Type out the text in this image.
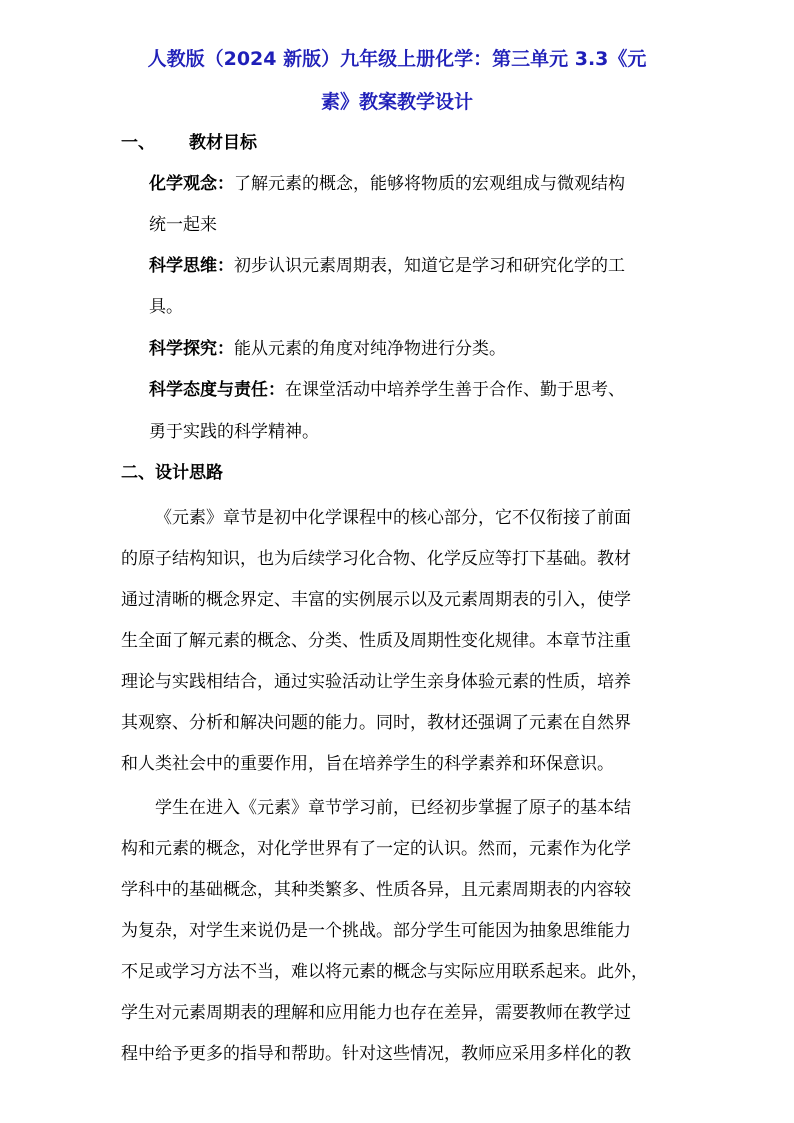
人教版（2024 新版）九年级上册化学：第三单元 3.3《元
素》教案教学设计
一、 教材目标
化学观念：了解元素的概念，能够将物质的宏观组成与微观结构
统一起来
科学思维：初步认识元素周期表，知道它是学习和研究化学的工
具。
科学探究：能从元素的角度对纯净物进行分类。
科学态度与责任：在课堂活动中培养学生善于合作、勤于思考、
勇于实践的科学精神。
二、设计思路
《元素》章节是初中化学课程中的核心部分，它不仅衔接了前面
的原子结构知识，也为后续学习化合物、化学反应等打下基础。教材
通过清晰的概念界定、丰富的实例展示以及元素周期表的引入，使学
生全面了解元素的概念、分类、性质及周期性变化规律。本章节注重
理论与实践相结合，通过实验活动让学生亲身体验元素的性质，培养
其观察、分析和解决问题的能力。同时，教材还强调了元素在自然界
和人类社会中的重要作用，旨在培养学生的科学素养和环保意识。
学生在进入《元素》章节学习前，已经初步掌握了原子的基本结
构和元素的概念，对化学世界有了一定的认识。然而，元素作为化学
学科中的基础概念，其种类繁多、性质各异，且元素周期表的内容较
为复杂，对学生来说仍是一个挑战。部分学生可能因为抽象思维能力
不足或学习方法不当，难以将元素的概念与实际应用联系起来。此外，
学生对元素周期表的理解和应用能力也存在差异，需要教师在教学过
程中给予更多的指导和帮助。针对这些情况，教师应采用多样化的教
